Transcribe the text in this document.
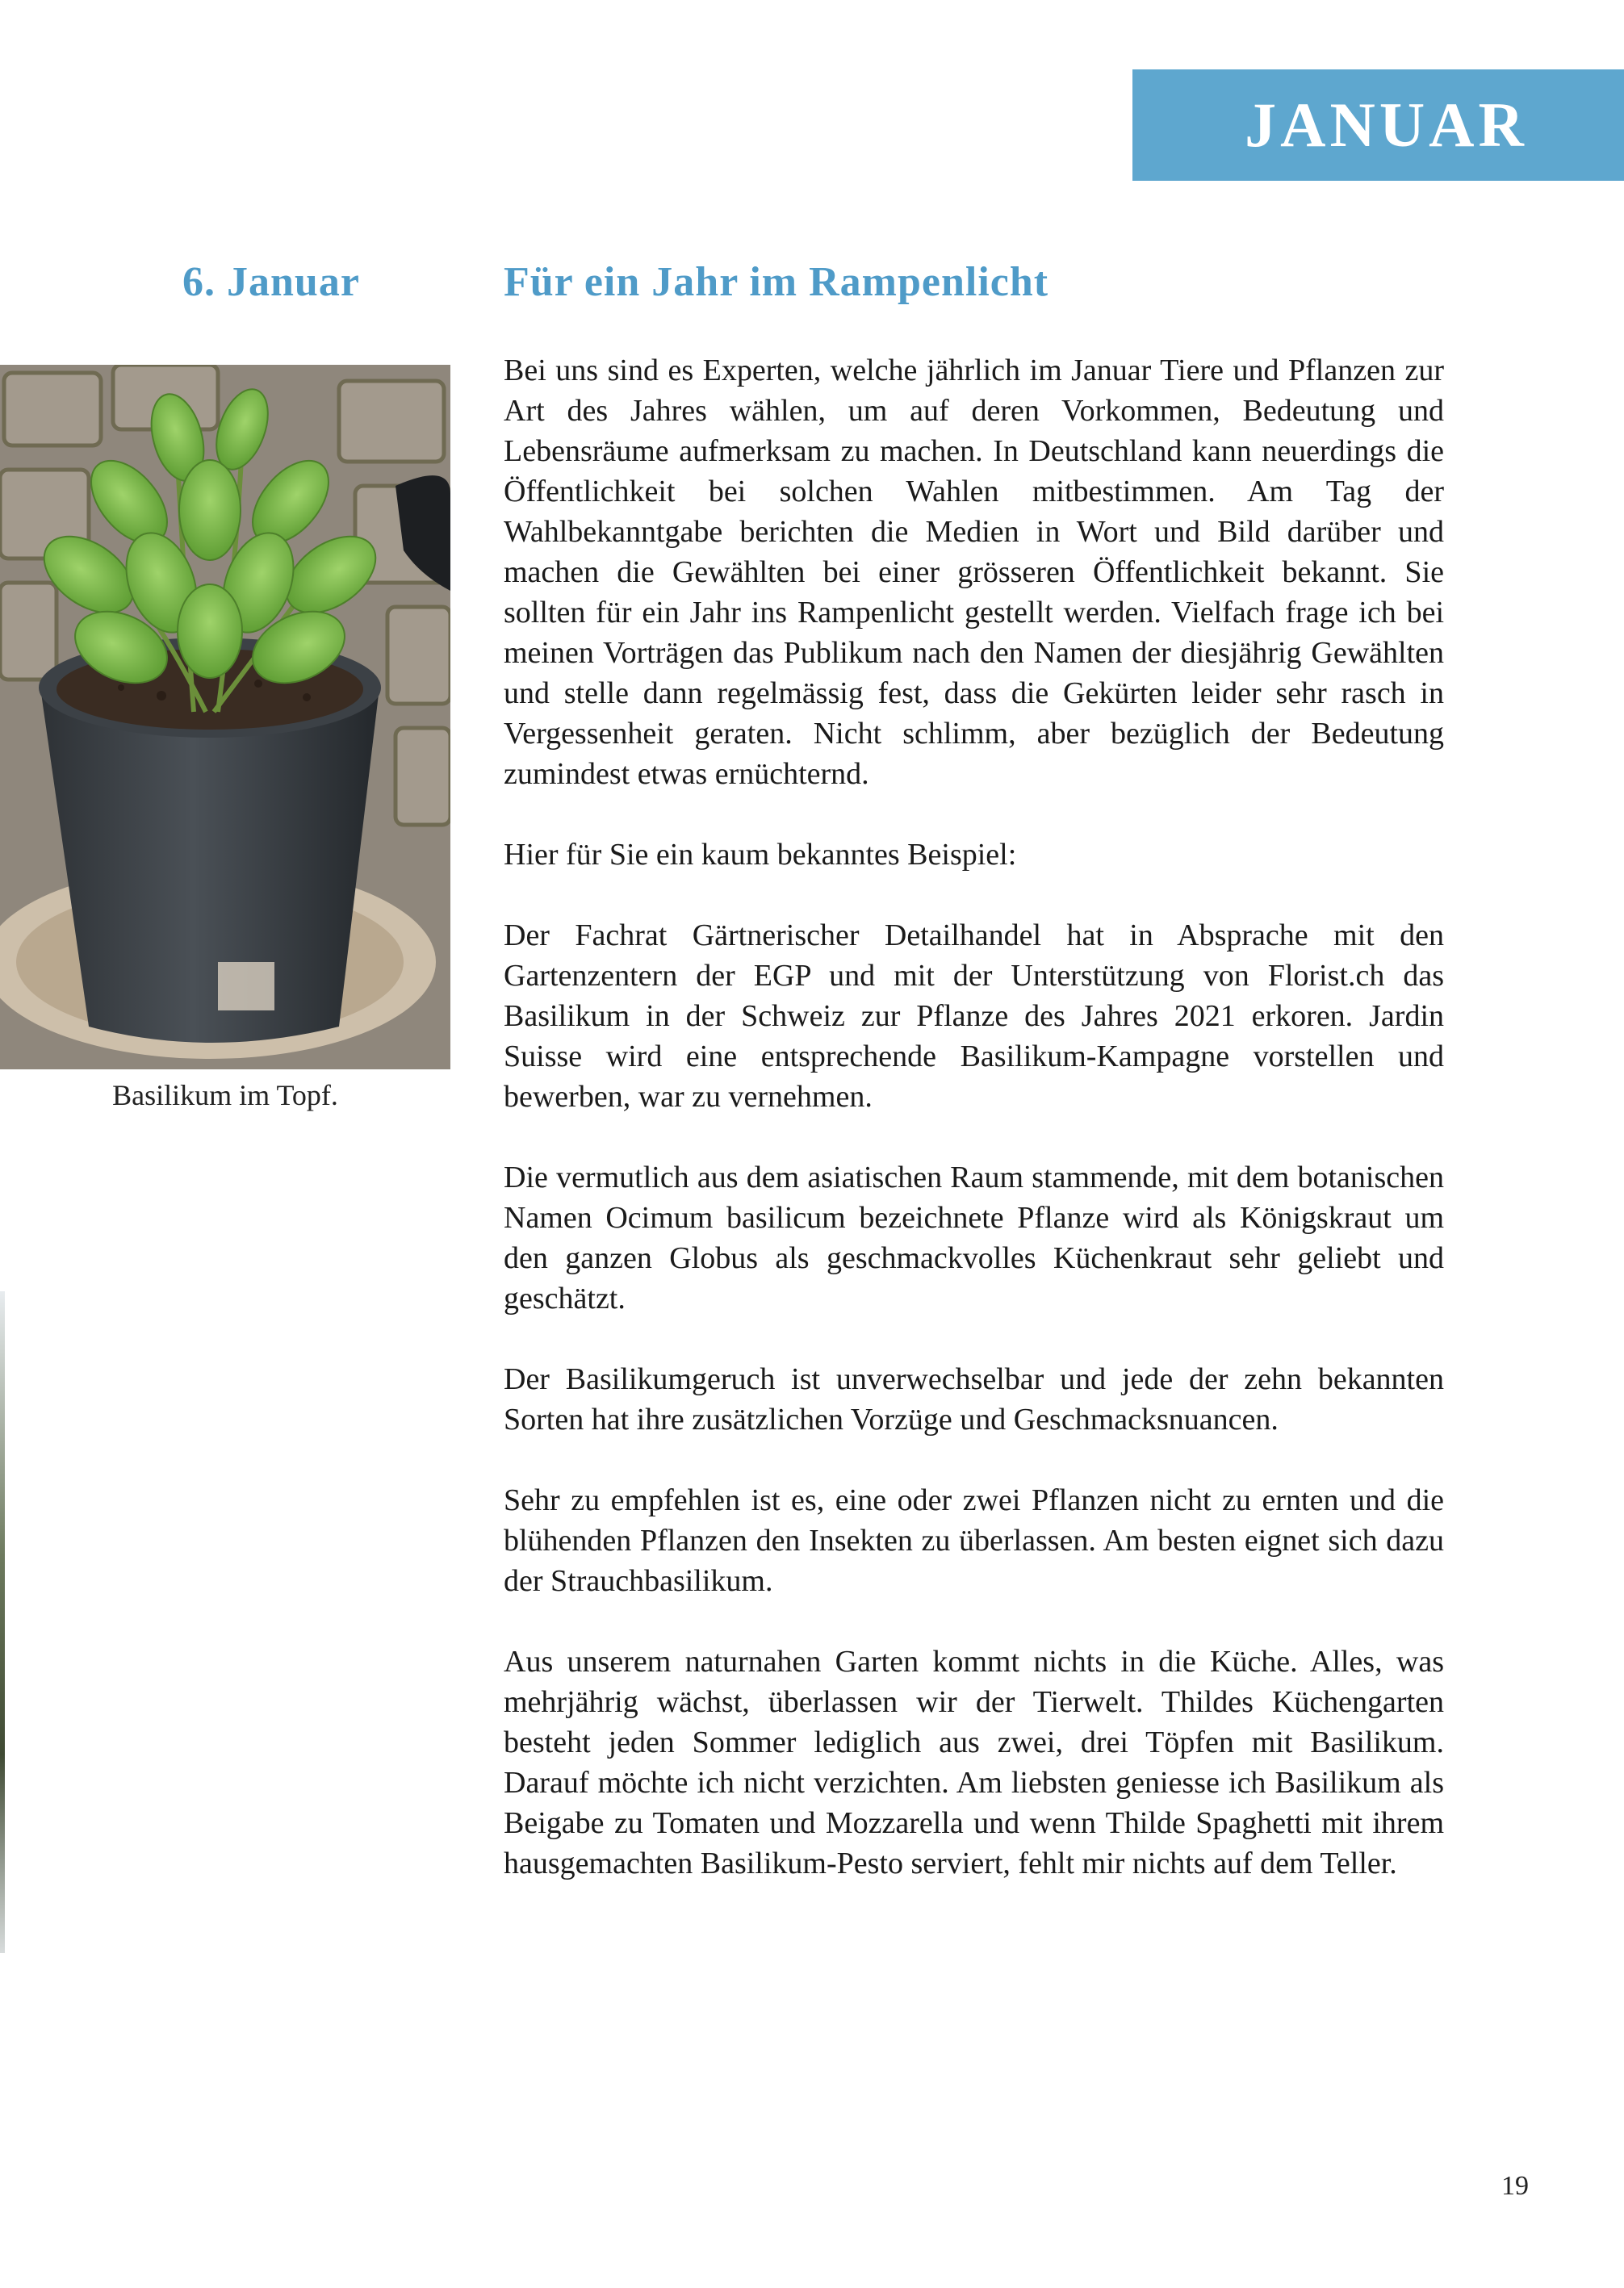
JANUAR
6. Januar	Für ein Jahr im Rampenlicht
Basilikum im Topf.

Bei uns sind es Experten, welche jährlich im Januar Tiere und Pflanzen zur Art des Jahres wählen, um auf deren Vorkommen, Bedeutung und Lebensräume aufmerksam zu machen. In Deutschland kann neuerdings die Öffentlichkeit bei solchen Wahlen mitbestimmen. Am Tag der Wahlbekanntgabe berichten die Medien in Wort und Bild darüber und machen die Gewählten bei einer grösseren Öffentlichkeit bekannt. Sie sollten für ein Jahr ins Rampenlicht gestellt werden. Vielfach frage ich bei meinen Vorträgen das Publikum nach den Namen der diesjährig Gewählten und stelle dann regelmässig fest, dass die Gekürten leider sehr rasch in Vergessenheit geraten. Nicht schlimm, aber bezüglich der Bedeutung zumindest etwas ernüchternd.

Hier für Sie ein kaum bekanntes Beispiel:

Der Fachrat Gärtnerischer Detailhandel hat in Absprache mit den Gartenzentern der EGP und mit der Unterstützung von Florist.ch das Basilikum in der Schweiz zur Pflanze des Jahres 2021 erkoren. Jardin Suisse wird eine entsprechende Basilikum-Kampagne vorstellen und bewerben, war zu vernehmen.

Die vermutlich aus dem asiatischen Raum stammende, mit dem botanischen Namen Ocimum basilicum bezeichnete Pflanze wird als Königskraut um den ganzen Globus als geschmackvolles Küchenkraut sehr geliebt und geschätzt.

Der Basilikumgeruch ist unverwechselbar und jede der zehn bekannten Sorten hat ihre zusätzlichen Vorzüge und Geschmacksnuancen.

Sehr zu empfehlen ist es, eine oder zwei Pflanzen nicht zu ernten und die blühenden Pflanzen den Insekten zu überlassen. Am besten eignet sich dazu der Strauchbasilikum.

Aus unserem naturnahen Garten kommt nichts in die Küche. Alles, was mehrjährig wächst, überlassen wir der Tierwelt. Thildes Küchengarten besteht jeden Sommer lediglich aus zwei, drei Töpfen mit Basilikum. Darauf möchte ich nicht verzichten. Am liebsten geniesse ich Basilikum als Beigabe zu Tomaten und Mozzarella und wenn Thilde Spaghetti mit ihrem hausgemachten Basilikum-Pesto serviert, fehlt mir nichts auf dem Teller.

19
